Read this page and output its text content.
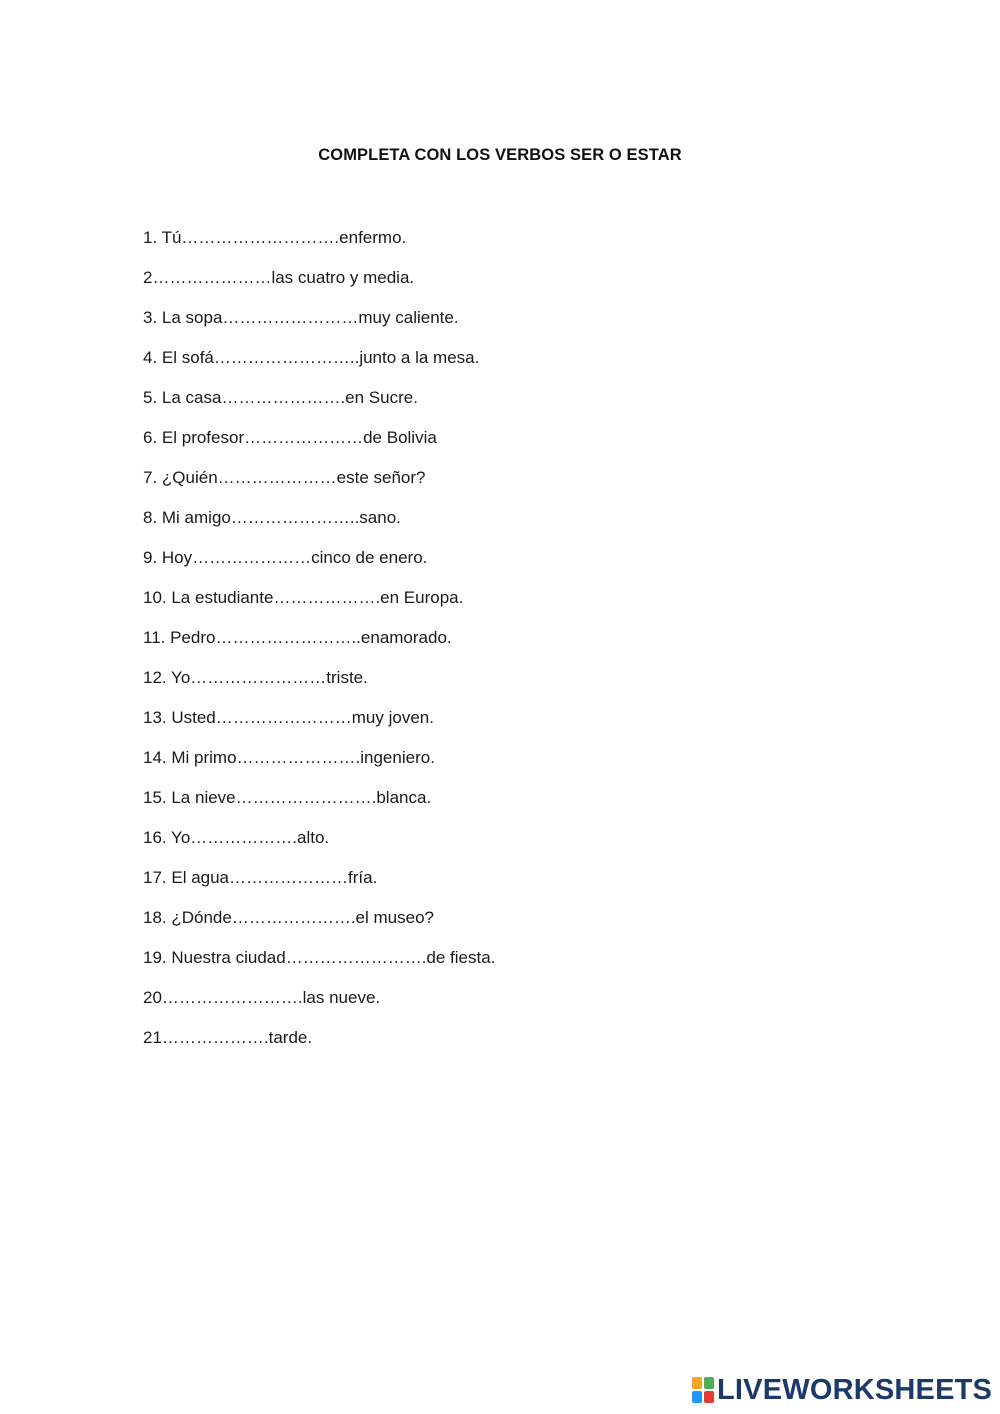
COMPLETA CON LOS VERBOS SER O ESTAR
1. Tú……………………….enfermo.
2…………………las cuatro y media.
3. La sopa……………………muy caliente.
4. El sofá……………………..junto a la mesa.
5. La casa………………….en Sucre.
6. El profesor…………………de Bolivia
7. ¿Quién…………………este señor?
8. Mi amigo…………………..sano.
9. Hoy…………………cinco de enero.
10. La estudiante……………….en Europa.
11. Pedro……………………..enamorado.
12. Yo……………………triste.
13. Usted……………………muy joven.
14. Mi primo………………….ingeniero.
15. La nieve…………………….blanca.
16. Yo……………….alto.
17. El agua…………………fría.
18. ¿Dónde………………….el museo?
19. Nuestra ciudad…………………….de fiesta.
20…………………….las nueve.
21……………….tarde.
LIVEWORKSHEETS
